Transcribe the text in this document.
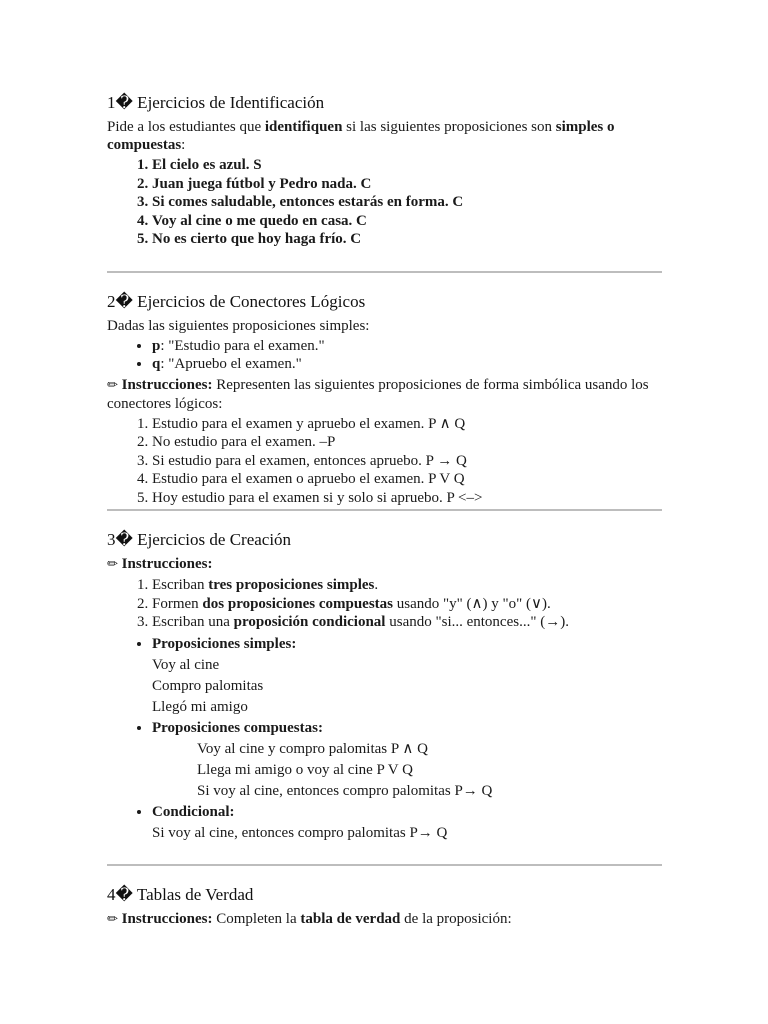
1� Ejercicios de Identificación

Pide a los estudiantes que identifiquen si las siguientes proposiciones son simples o compuestas:

1. El cielo es azul. S
2. Juan juega fútbol y Pedro nada. C
3. Si comes saludable, entonces estarás en forma. C
4. Voy al cine o me quedo en casa. C
5. No es cierto que hoy haga frío. C
2� Ejercicios de Conectores Lógicos

Dadas las siguientes proposiciones simples:

• p: "Estudio para el examen."
• q: "Apruebo el examen."

✏ Instrucciones: Representen las siguientes proposiciones de forma simbólica usando los conectores lógicos:

1. Estudio para el examen y apruebo el examen. P ∧ Q
2. No estudio para el examen. –P
3. Si estudio para el examen, entonces apruebo. P → Q
4. Estudio para el examen o apruebo el examen. P V Q
5. Hoy estudio para el examen si y solo si apruebo. P <–>
3� Ejercicios de Creación

✏ Instrucciones:

1. Escriban tres proposiciones simples.
2. Formen dos proposiciones compuestas usando "y" (∧) y "o" (∨).
3. Escriban una proposición condicional usando "si... entonces..." (→).
• Proposiciones simples:
Voy al cine
Compro palomitas
Llegó mi amigo
• Proposiciones compuestas:
Voy al cine y compro palomitas P ∧ Q
Llega mi amigo o voy al cine P V Q
Si voy al cine, entonces compro palomitas P→ Q
• Condicional:
Si voy al cine, entonces compro palomitas P→ Q
4� Tablas de Verdad

✏ Instrucciones: Completen la tabla de verdad de la proposición:
